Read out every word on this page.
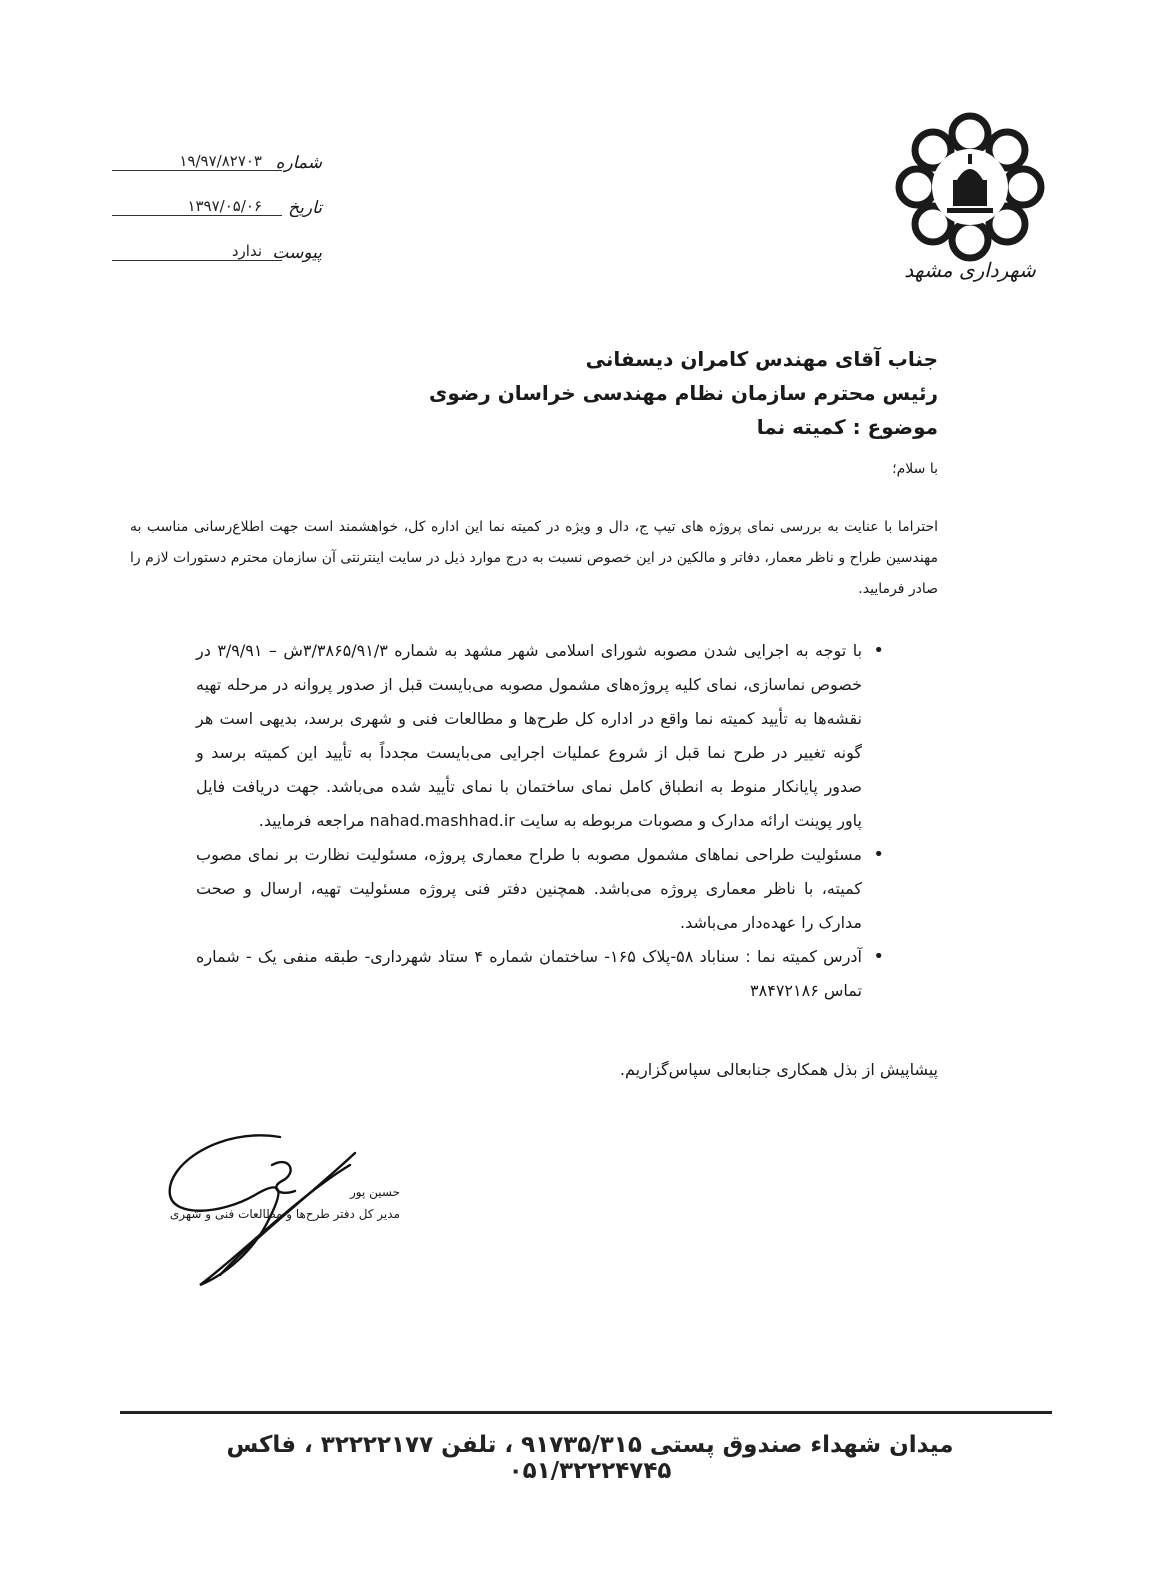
شهرداری مشهد
۱۹/۹۷/۸۲۷۰۳ شماره
۱۳۹۷/۰۵/۰۶ تاریخ
ندارد پیوست
جناب آقای مهندس کامران دیسفانی
رئیس محترم سازمان نظام مهندسی خراسان رضوی
موضوع : کمیته نما
با سلام؛
احتراما با عنایت به بررسی نمای پروژه های تیپ ج، دال و ویژه در کمیته نما این اداره کل، خواهشمند است جهت اطلاع‌رسانی مناسب به مهندسین طراح و ناظر معمار، دفاتر و مالکین در این خصوص نسبت به درج موارد ذیل در سایت اینترنتی آن سازمان محترم دستورات لازم را صادر فرمایید.
• با توجه به اجرایی شدن مصوبه شورای اسلامی شهر مشهد به شماره ۳/۳۸۶۵/۹۱/۳ش – ۳/۹/۹۱ در خصوص نماسازی، نمای کلیه پروژه‌های مشمول مصوبه می‌بایست قبل از صدور پروانه در مرحله تهیه نقشه‌ها به تأیید کمیته نما واقع در اداره کل طرح‌ها و مطالعات فنی و شهری برسد، بدیهی است هر گونه تغییر در طرح نما قبل از شروع عملیات اجرایی می‌بایست مجدداً به تأیید این کمیته برسد و صدور پایانکار منوط به انطباق کامل نمای ساختمان با نمای تأیید شده می‌باشد. جهت دریافت فایل پاور پوینت ارائه مدارک و مصوبات مربوطه به سایت nahad.mashhad.ir مراجعه فرمایید.
• مسئولیت طراحی نماهای مشمول مصوبه با طراح معماری پروژه، مسئولیت نظارت بر نمای مصوب کمیته، با ناظر معماری پروژه می‌باشد. همچنین دفتر فنی پروژه مسئولیت تهیه، ارسال و صحت مدارک را عهده‌دار می‌باشد.
• آدرس کمیته نما : سناباد ۵۸-پلاک ۱۶۵- ساختمان شماره ۴ ستاد شهرداری- طبقه منفی یک - شماره تماس ۳۸۴۷۲۱۸۶
پیشاپیش از بذل همکاری جنابعالی سپاس‌گزاریم.
حسین پور
مدیر کل دفتر طرح‌ها و مطالعات فنی و شهری
میدان شهداء صندوق پستی ۹۱۷۳۵/۳۱۵ ، تلفن ۳۲۲۲۲۱۷۷ ، فاکس ۰۵۱/۳۲۲۲۴۷۴۵
